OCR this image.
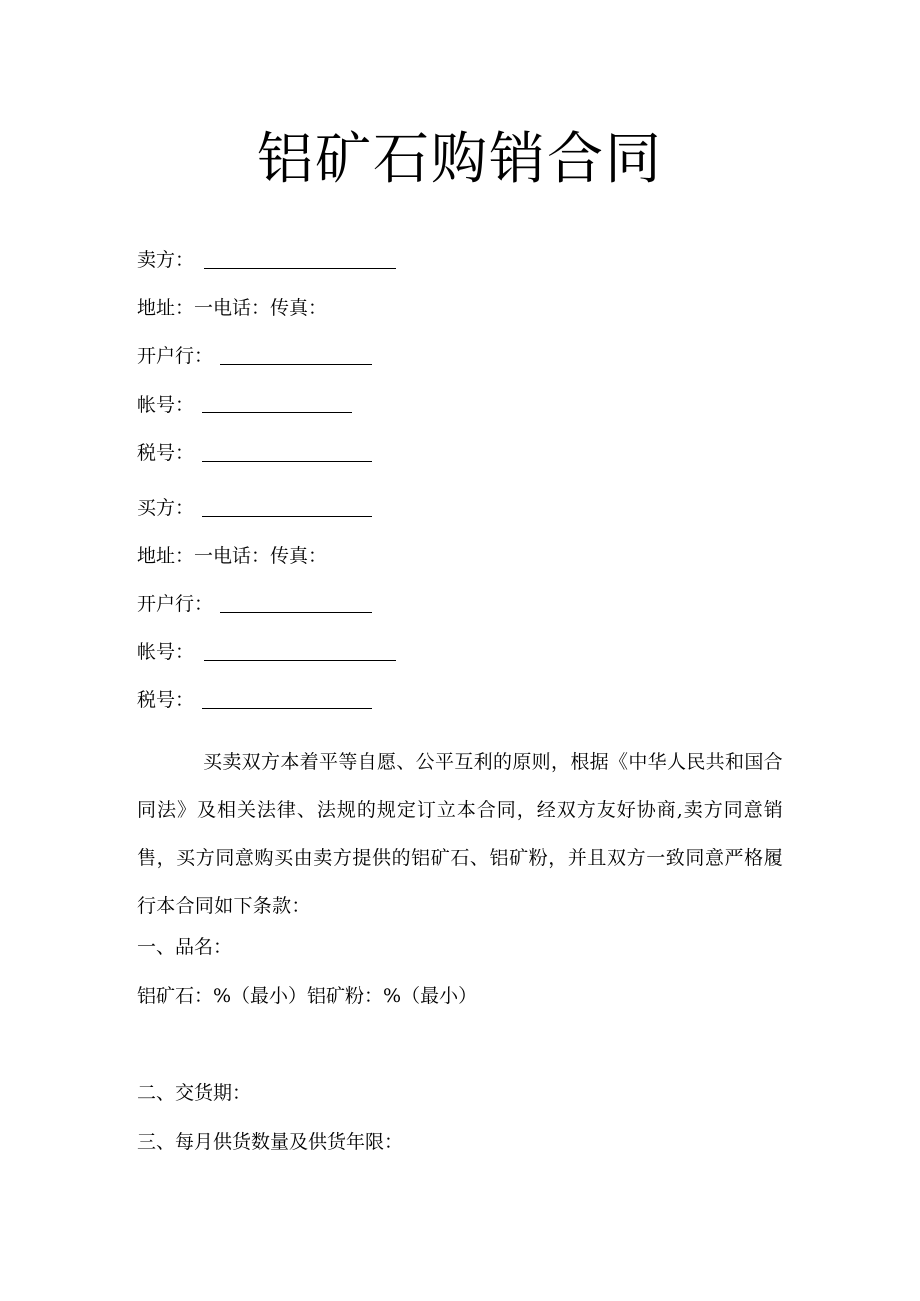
铝矿石购销合同
卖方：
地址：一电话：传真：
开户行：
帐号：
税号：
买方：
地址：一电话：传真：
开户行：
帐号：
税号：
买卖双方本着平等自愿、公平互利的原则，根据《中华人民共和国合同法》及相关法律、法规的规定订立本合同，经双方友好协商,卖方同意销售，买方同意购买由卖方提供的铝矿石、铝矿粉，并且双方一致同意严格履行本合同如下条款：
一、品名：
铝矿石：%（最小）铝矿粉：%（最小）
二、交货期：
三、每月供货数量及供货年限：
